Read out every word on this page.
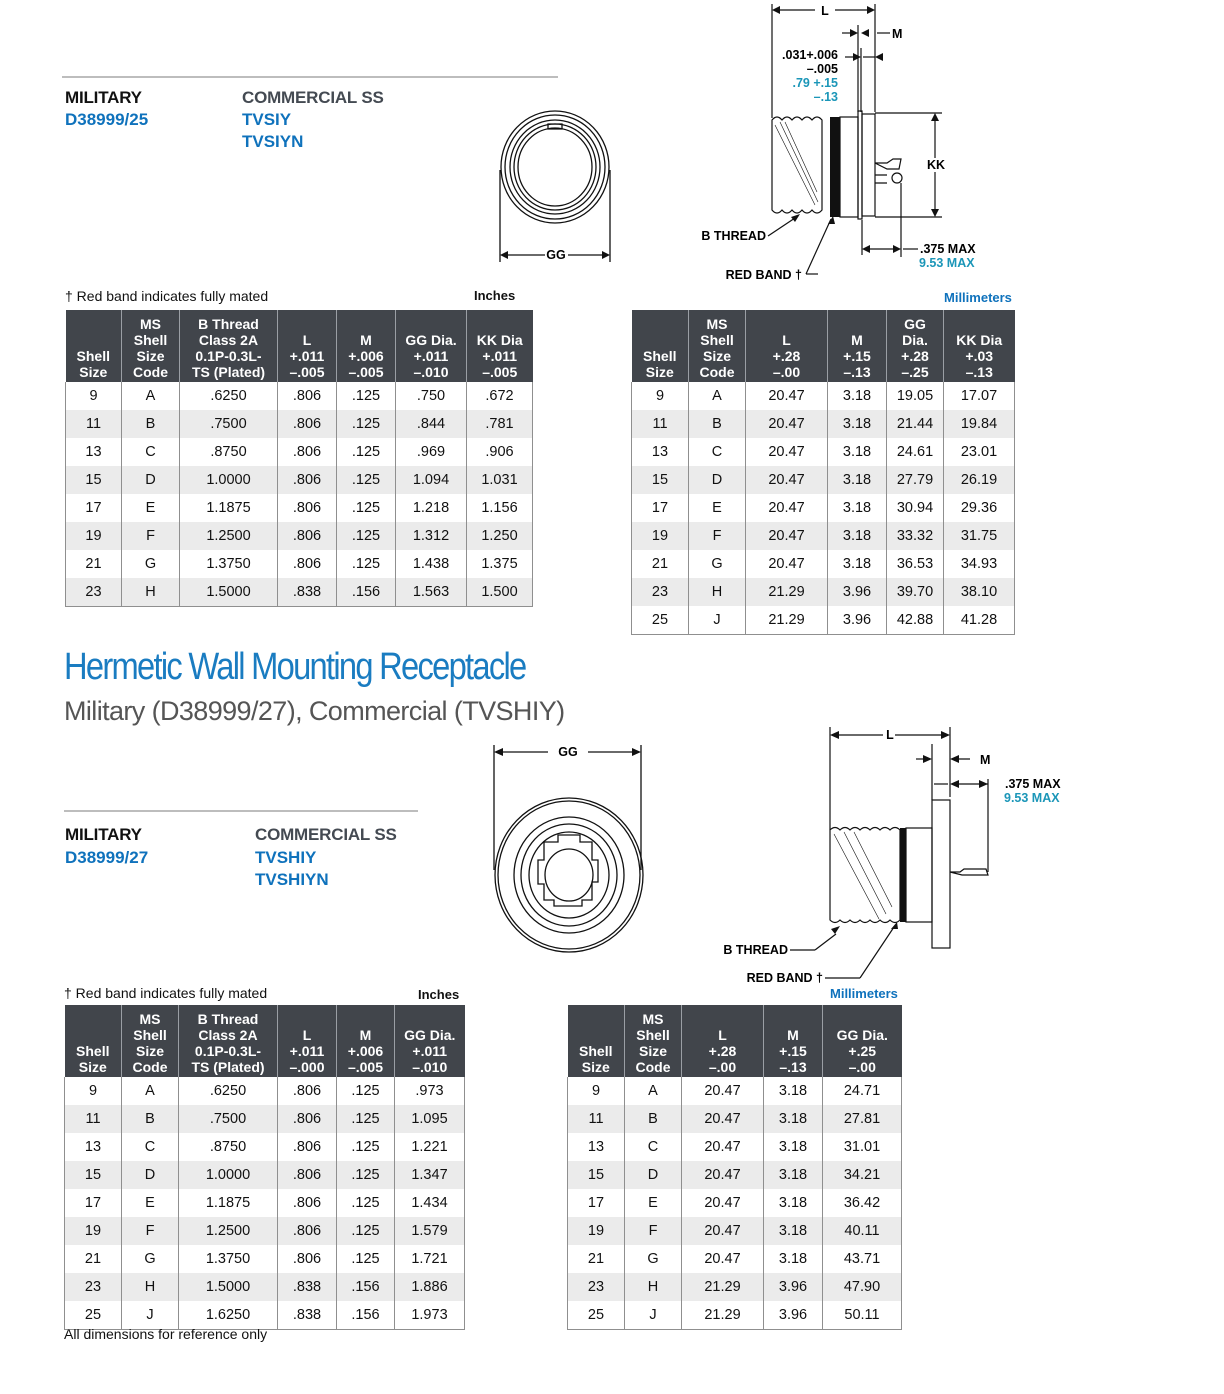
MILITARY
D38999/25
COMMERCIAL SS
TVSIY
TVSIYN
GG
L
M
.031+.006
–.005
.79 +.15
–.13
KK
B THREAD
RED BAND †
.375 MAX
9.53 MAX
† Red band indicates fully mated	Inches	Millimeters
Shell
Size	MS
Shell
Size
Code	B Thread
Class 2A
0.1P-0.3L-
TS (Plated)	L
+.011
–.005	M
+.006
–.005	GG Dia.
+.011
–.010	KK Dia
+.011
–.005
9	A	.6250	.806	.125	.750	.672
11	B	.7500	.806	.125	.844	.781
13	C	.8750	.806	.125	.969	.906
15	D	1.0000	.806	.125	1.094	1.031
17	E	1.1875	.806	.125	1.218	1.156
19	F	1.2500	.806	.125	1.312	1.250
21	G	1.3750	.806	.125	1.438	1.375
23	H	1.5000	.838	.156	1.563	1.500
Shell
Size	MS
Shell
Size
Code	L
+.28
–.00	M
+.15
–.13	GG
Dia.
+.28
–.25	KK Dia
+.03
–.13
9	A	20.47	3.18	19.05	17.07
11	B	20.47	3.18	21.44	19.84
13	C	20.47	3.18	24.61	23.01
15	D	20.47	3.18	27.79	26.19
17	E	20.47	3.18	30.94	29.36
19	F	20.47	3.18	33.32	31.75
21	G	20.47	3.18	36.53	34.93
23	H	21.29	3.96	39.70	38.10
25	J	21.29	3.96	42.88	41.28
Hermetic Wall Mounting Receptacle
Military (D38999/27), Commercial (TVSHIY)
MILITARY
D38999/27
COMMERCIAL SS
TVSHIY
TVSHIYN
GG
L
M
B THREAD
RED BAND †
.375 MAX
9.53 MAX
† Red band indicates fully mated	Inches	Millimeters
Shell
Size	MS
Shell
Size
Code	B Thread
Class 2A
0.1P-0.3L-
TS (Plated)	L
+.011
–.000	M
+.006
–.005	GG Dia.
+.011
–.010
9	A	.6250	.806	.125	.973
11	B	.7500	.806	.125	1.095
13	C	.8750	.806	.125	1.221
15	D	1.0000	.806	.125	1.347
17	E	1.1875	.806	.125	1.434
19	F	1.2500	.806	.125	1.579
21	G	1.3750	.806	.125	1.721
23	H	1.5000	.838	.156	1.886
25	J	1.6250	.838	.156	1.973
Shell
Size	MS
Shell
Size
Code	L
+.28
–.00	M
+.15
–.13	GG Dia.
+.25
–.00
9	A	20.47	3.18	24.71
11	B	20.47	3.18	27.81
13	C	20.47	3.18	31.01
15	D	20.47	3.18	34.21
17	E	20.47	3.18	36.42
19	F	20.47	3.18	40.11
21	G	20.47	3.18	43.71
23	H	21.29	3.96	47.90
25	J	21.29	3.96	50.11
All dimensions for reference only
